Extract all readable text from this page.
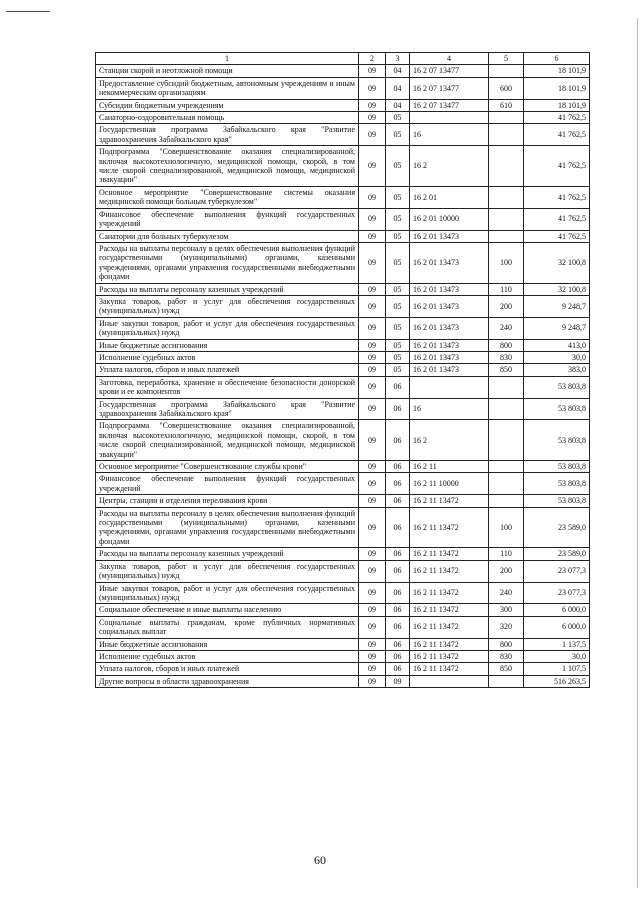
1	2	3	4	5	6
Станции скорой и неотложной помощи	09	04	16 2 07 13477		18 101,9
Предоставление субсидий бюджетным, автономным учреждениям и иным некоммерческим организациям	09	04	16 2 07 13477	600	18 101,9
Субсидии бюджетным учреждениям	09	04	16 2 07 13477	610	18 101,9
Санаторно-оздоровительная помощь	09	05			41 762,5
Государственная программа Забайкальского края "Развитие здравоохранения Забайкальского края"	09	05	16		41 762,5
Подпрограмма "Совершенствование оказания специализированной, включая высокотехнологичную, медицинской помощи, скорой, в том числе скорой специализированной, медицинской помощи, медицинской эвакуации"	09	05	16 2		41 762,5
Основное мероприятие "Совершенствование системы оказания медицинской помощи больным туберкулезом"	09	05	16 2 01		41 762,5
Финансовое обеспечение выполнения функций государственных учреждений	09	05	16 2 01 10000		41 762,5
Санатории для больных туберкулезом	09	05	16 2 01 13473		41 762,5
Расходы на выплаты персоналу в целях обеспечения выполнения функций государственными (муниципальными) органами, казенными учреждениями, органами управления государственными внебюджетными фондами	09	05	16 2 01 13473	100	32 100,8
Расходы на выплаты персоналу казенных учреждений	09	05	16 2 01 13473	110	32 100,8
Закупка товаров, работ и услуг для обеспечения государственных (муниципальных) нужд	09	05	16 2 01 13473	200	9 248,7
Иные закупки товаров, работ и услуг для обеспечения государственных (муниципальных) нужд	09	05	16 2 01 13473	240	9 248,7
Иные бюджетные ассигнования	09	05	16 2 01 13473	800	413,0
Исполнение судебных актов	09	05	16 2 01 13473	830	30,0
Уплата налогов, сборов и иных платежей	09	05	16 2 01 13473	850	383,0
Заготовка, переработка, хранение и обеспечение безопасности донорской крови и ее компонентов	09	06			53 803,8
Государственная программа Забайкальского края "Развитие здравоохранения Забайкальского края"	09	06	16		53 803,8
Подпрограмма "Совершенствование оказания специализированной, включая высокотехнологичную, медицинской помощи, скорой, в том числе скорой специализированной, медицинской помощи, медицинской эвакуации"	09	06	16 2		53 803,8
Основное мероприятие "Совершенствование службы крови"	09	06	16 2 11		53 803,8
Финансовое обеспечение выполнения функций государственных учреждений	09	06	16 2 11 10000		53 803,8
Центры, станции и отделения переливания крови	09	06	16 2 11 13472		53 803,8
Расходы на выплаты персоналу в целях обеспечения выполнения функций государственными (муниципальными) органами, казенными учреждениями, органами управления государственными внебюджетными фондами	09	06	16 2 11 13472	100	23 589,0
Расходы на выплаты персоналу казенных учреждений	09	06	16 2 11 13472	110	23 589,0
Закупка товаров, работ и услуг для обеспечения государственных (муниципальных) нужд	09	06	16 2 11 13472	200	23 077,3
Иные закупки товаров, работ и услуг для обеспечения государственных (муниципальных) нужд	09	06	16 2 11 13472	240	23 077,3
Социальное обеспечение и иные выплаты населению	09	06	16 2 11 13472	300	6 000,0
Социальные выплаты гражданам, кроме публичных нормативных социальных выплат	09	06	16 2 11 13472	320	6 000,0
Иные бюджетные ассигнования	09	06	16 2 11 13472	800	1 137,5
Исполнение судебных актов	09	06	16 2 11 13472	830	30,0
Уплата налогов, сборов и иных платежей	09	06	16 2 11 13472	850	1 107,5
Другие вопросы в области здравоохранения	09	09			516 263,5
60
